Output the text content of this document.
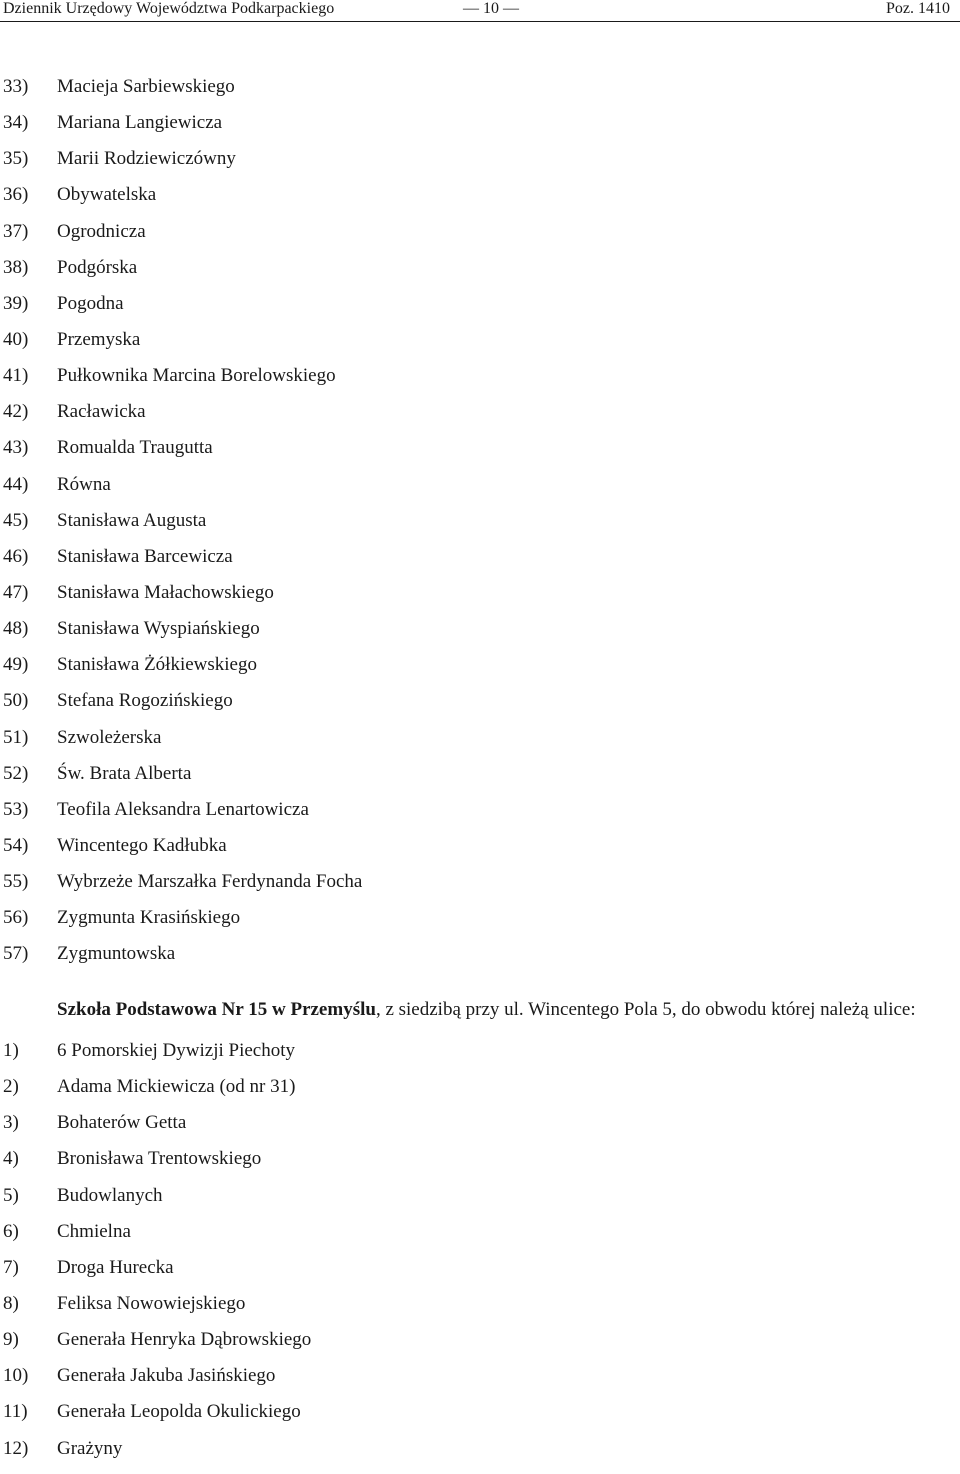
Dziennik Urzędowy Województwa Podkarpackiego	— 10 —	Poz. 1410
33) Macieja Sarbiewskiego
34) Mariana Langiewicza
35) Marii Rodziewiczówny
36) Obywatelska
37) Ogrodnicza
38) Podgórska
39) Pogodna
40) Przemyska
41) Pułkownika Marcina Borelowskiego
42) Racławicka
43) Romualda Traugutta
44) Równa
45) Stanisława Augusta
46) Stanisława Barcewicza
47) Stanisława Małachowskiego
48) Stanisława Wyspiańskiego
49) Stanisława Żółkiewskiego
50) Stefana Rogozińskiego
51) Szwoleżerska
52) Św. Brata Alberta
53) Teofila Aleksandra Lenartowicza
54) Wincentego Kadłubka
55) Wybrzeże Marszałka Ferdynanda Focha
56) Zygmunta Krasińskiego
57) Zygmuntowska

Szkoła Podstawowa Nr 15 w Przemyślu, z siedzibą przy ul. Wincentego Pola 5, do obwodu której należą ulice:

1) 6 Pomorskiej Dywizji Piechoty
2) Adama Mickiewicza (od nr 31)
3) Bohaterów Getta
4) Bronisława Trentowskiego
5) Budowlanych
6) Chmielna
7) Droga Hurecka
8) Feliksa Nowowiejskiego
9) Generała Henryka Dąbrowskiego
10) Generała Jakuba Jasińskiego
11) Generała Leopolda Okulickiego
12) Grażyny
